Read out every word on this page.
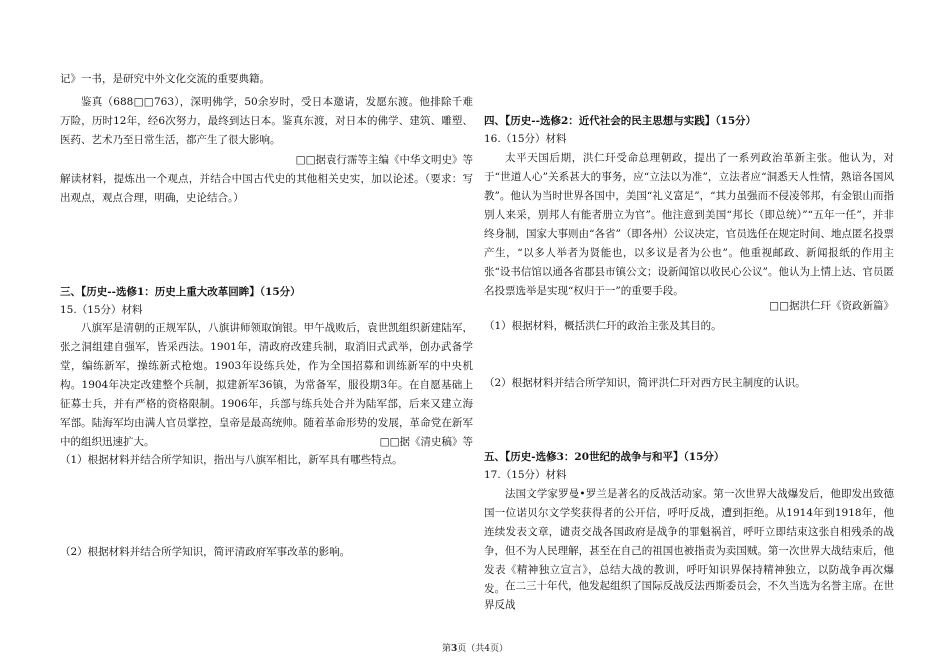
记》一书，是研究中外文化交流的重要典籍。

鉴真（688□□763），深明佛学，50余岁时，受日本邀请，发愿东渡。他排除千难万险，历时12年，经6次努力，最终到达日本。鉴真东渡，对日本的佛学、建筑、雕塑、医药、艺术乃至日常生活，都产生了很大影响。

□□据袁行霈等主编《中华文明史》等

解读材料，提炼出一个观点，并结合中国古代史的其他相关史实，加以论述。（要求：写出观点，观点合理，明确，史论结合。）

三、【历史--选修1：历史上重大改革回眸】（15分）

15.（15分）材料

八旗军是清朝的正规军队，八旗讲师领取饷银。甲午战败后，袁世凯组织新建陆军，张之洞组建自强军，皆采西法。1901年，清政府改建兵制，取消旧式武举，创办武备学堂，编练新军，操练新式枪炮。1903年设练兵处，作为全国招募和训练新军的中央机构。1904年决定改建整个兵制，拟建新军36镇，为常备军，服役期3年。在自愿基础上征募士兵，并有严格的资格限制。1906年，兵部与练兵处合并为陆军部，后来又建立海军部。陆海军均由满人官员掌控，皇帝是最高统帅。随着革命形势的发展，革命党在新军中的组织迅速扩大。	□□据《清史稿》等

（1）根据材料并结合所学知识，指出与八旗军相比，新军具有哪些特点。

（2）根据材料并结合所学知识，简评清政府军事改革的影响。

四、【历史--选修2：近代社会的民主思想与实践】（15分）

16.（15分）材料

太平天国后期，洪仁玕受命总理朝政，提出了一系列政治革新主张。他认为，对于“世道人心”关系甚大的事务，应“立法以为准”，立法者应“洞悉天人性情，熟谙各国风教”。他认为当时世界各国中，美国“礼义富足”，“其力虽强而不侵凌邻邦，有金银山而指别人来采，别邦人有能者册立为官”。他注意到美国“邦长（即总统）”“五年一任”，并非终身制，国家大事则由“各省”（即各州）公议决定，官员选任在规定时间、地点匿名投票产生，“以多人举者为贤能也，以多议是者为公也”。他重视邮政、新闻报纸的作用主张“设书信馆以通各省郡县市镇公文；设新闻馆以收民心公议”。他认为上情上达、官员匿名投票选举是实现“权归于一”的重要手段。

□□据洪仁玕《资政新篇》

（1）根据材料，概括洪仁玕的政治主张及其目的。

（2）根据材料并结合所学知识，简评洪仁玕对西方民主制度的认识。

五、【历史-选修3：20世纪的战争与和平】（15分）

17.（15分）材料

法国文学家罗曼•罗兰是著名的反战活动家。第一次世界大战爆发后，他即发出致德国一位诺贝尔文学奖获得者的公开信，呼吁反战，遭到拒绝。从1914年到1918年，他连续发表文章，谴责交战各国政府是战争的罪魁祸首，呼吁立即结束这张自相残杀的战争，但不为人民理解，甚至在自己的祖国也被指责为卖国贼。第一次世界大战结束后，他发表《精神独立宣言》，总结大战的教训，呼吁知识界保持精神独立，以防战争再次爆发。 在二三十年代，他发起组织了国际反战反法西斯委员会，不久当选为名誉主席。在世界反战

第3页（共4页）
